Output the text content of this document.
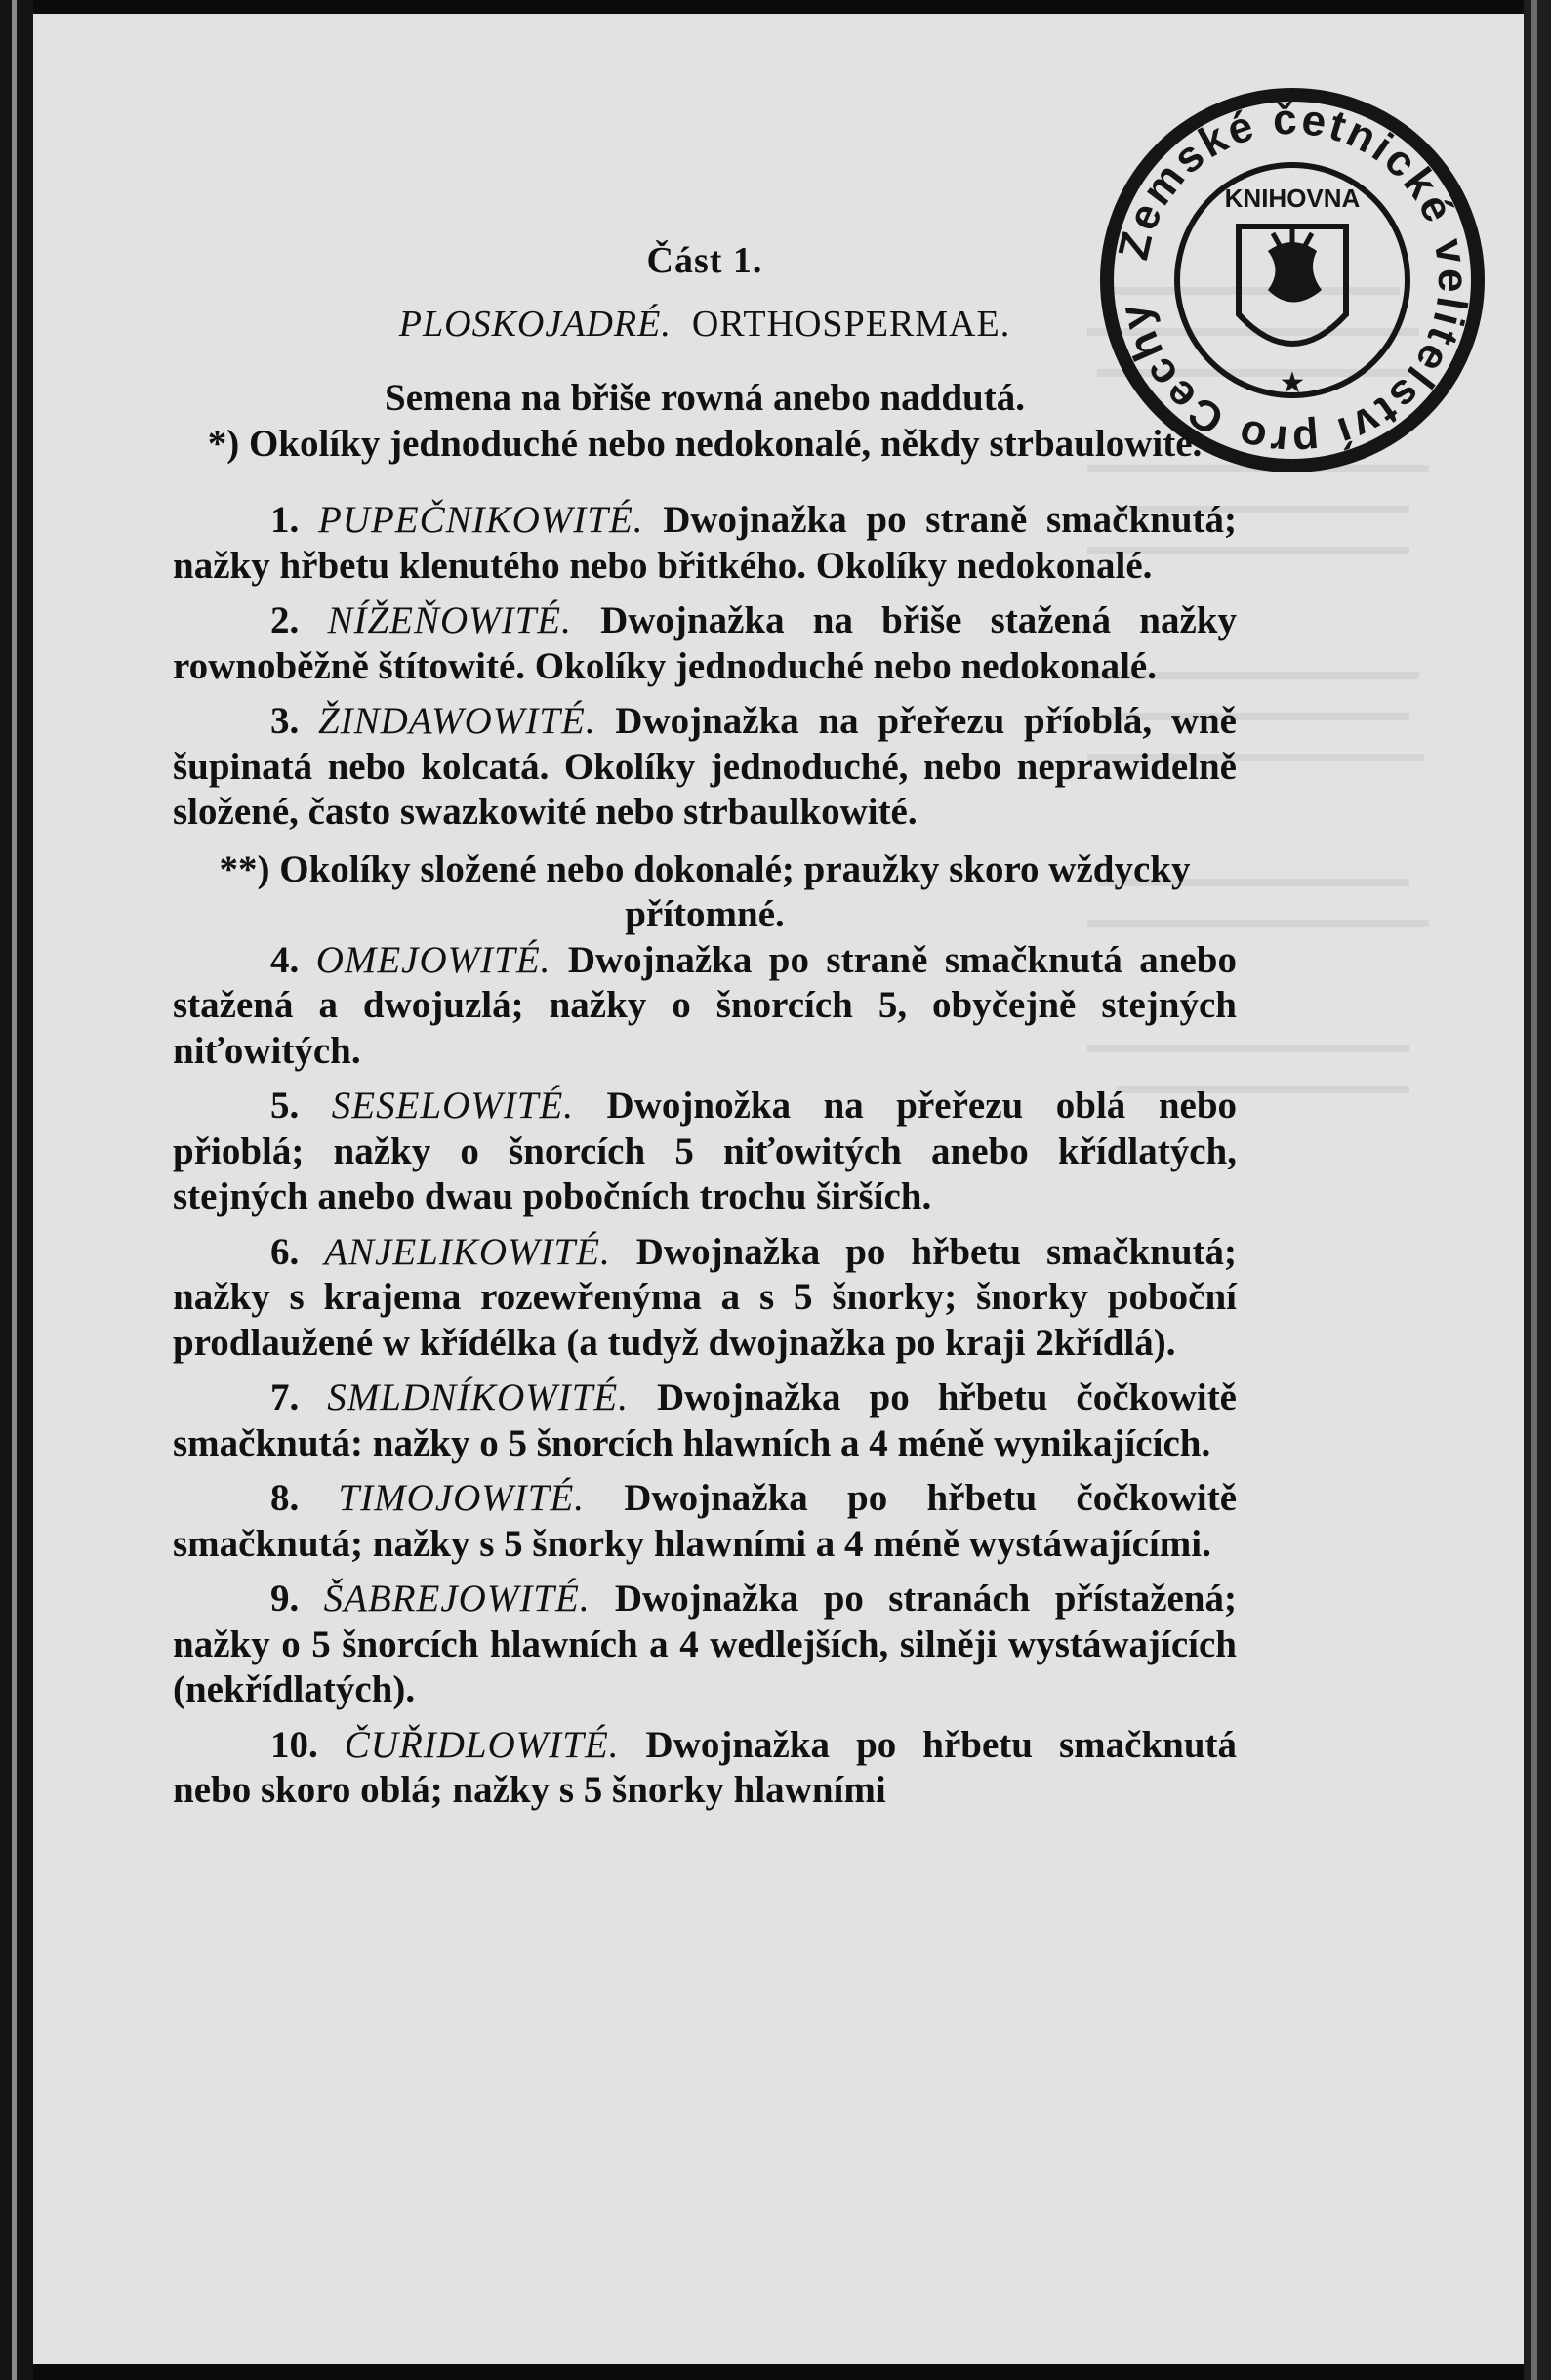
Zemské četnické velitelství pro Čechy
KNIHOVNA
★

Část 1.

PLOSKOJADRÉ. ORTHOSPERMAE.

Semena na břiše rowná anebo naddutá.

*) Okolíky jednoduché nebo nedokonalé, někdy strbaulowité.

1. PUPEČNIKOWITÉ. Dwojnažka po straně smačknutá; nažky hřbetu klenutého nebo břitkého. Okolíky nedokonalé.

2. NÍŽEŇOWITÉ. Dwojnažka na břiše stažená nažky rownoběžně štítowité. Okolíky jednoduché nebo nedokonalé.

3. ŽINDAWOWITÉ. Dwojnažka na přeřezu příoblá, wně šupinatá nebo kolcatá. Okolíky jednoduché, nebo neprawidelně složené, často swazkowité nebo strbaulkowité.

**) Okolíky složené nebo dokonalé; praužky skoro wždycky přítomné.

4. OMEJOWITÉ. Dwojnažka po straně smačknutá anebo stažená a dwojuzlá; nažky o šnorcích 5, obyčejně stejných niťowitých.

5. SESELOWITÉ. Dwojnožka na přeřezu oblá nebo přioblá; nažky o šnorcích 5 niťowitých anebo křídlatých, stejných anebo dwau pobočních trochu širších.

6. ANJELIKOWITÉ. Dwojnažka po hřbetu smačknutá; nažky s krajema rozewřenýma a s 5 šnorky; šnorky poboční prodlaužené w křídélka (a tudyž dwojnažka po kraji 2křídlá).

7. SMLDNÍKOWITÉ. Dwojnažka po hřbetu čočkowitě smačknutá: nažky o 5 šnorcích hlawních a 4 méně wynikajících.

8. TIMOJOWITÉ. Dwojnažka po hřbetu čočkowitě smačknutá; nažky s 5 šnorky hlawními a 4 méně wystáwajícími.

9. ŠABREJOWITÉ. Dwojnažka po stranách přístažená; nažky o 5 šnorcích hlawních a 4 wedlejších, silněji wystáwajících (nekřídlatých).

10. ČUŘIDLOWITÉ. Dwojnažka po hřbetu smačknutá nebo skoro oblá; nažky s 5 šnorky hlawními
